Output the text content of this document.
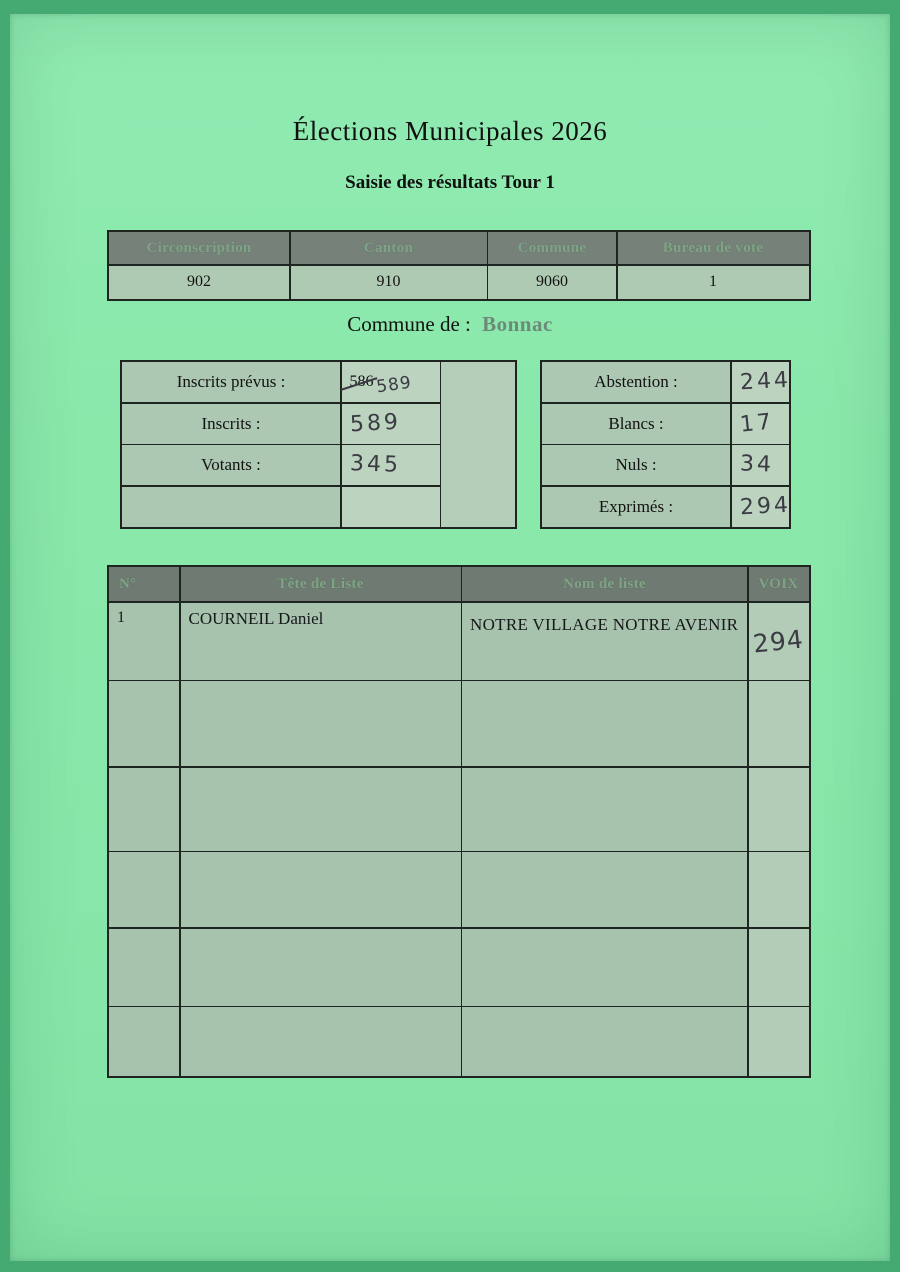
Élections Municipales 2026
Saisie des résultats Tour 1
Circonscription	Canton	Commune	Bureau de vote
902	910	9060	1
Commune de : Bonnac
Inscrits prévus :	586 589
Inscrits :	589
Votants :	345
Abstention :	244
Blancs :	17
Nuls :	34
Exprimés :	294
N°	Tête de Liste	Nom de liste	VOIX
1	COURNEIL Daniel	NOTRE VILLAGE NOTRE AVENIR 294
